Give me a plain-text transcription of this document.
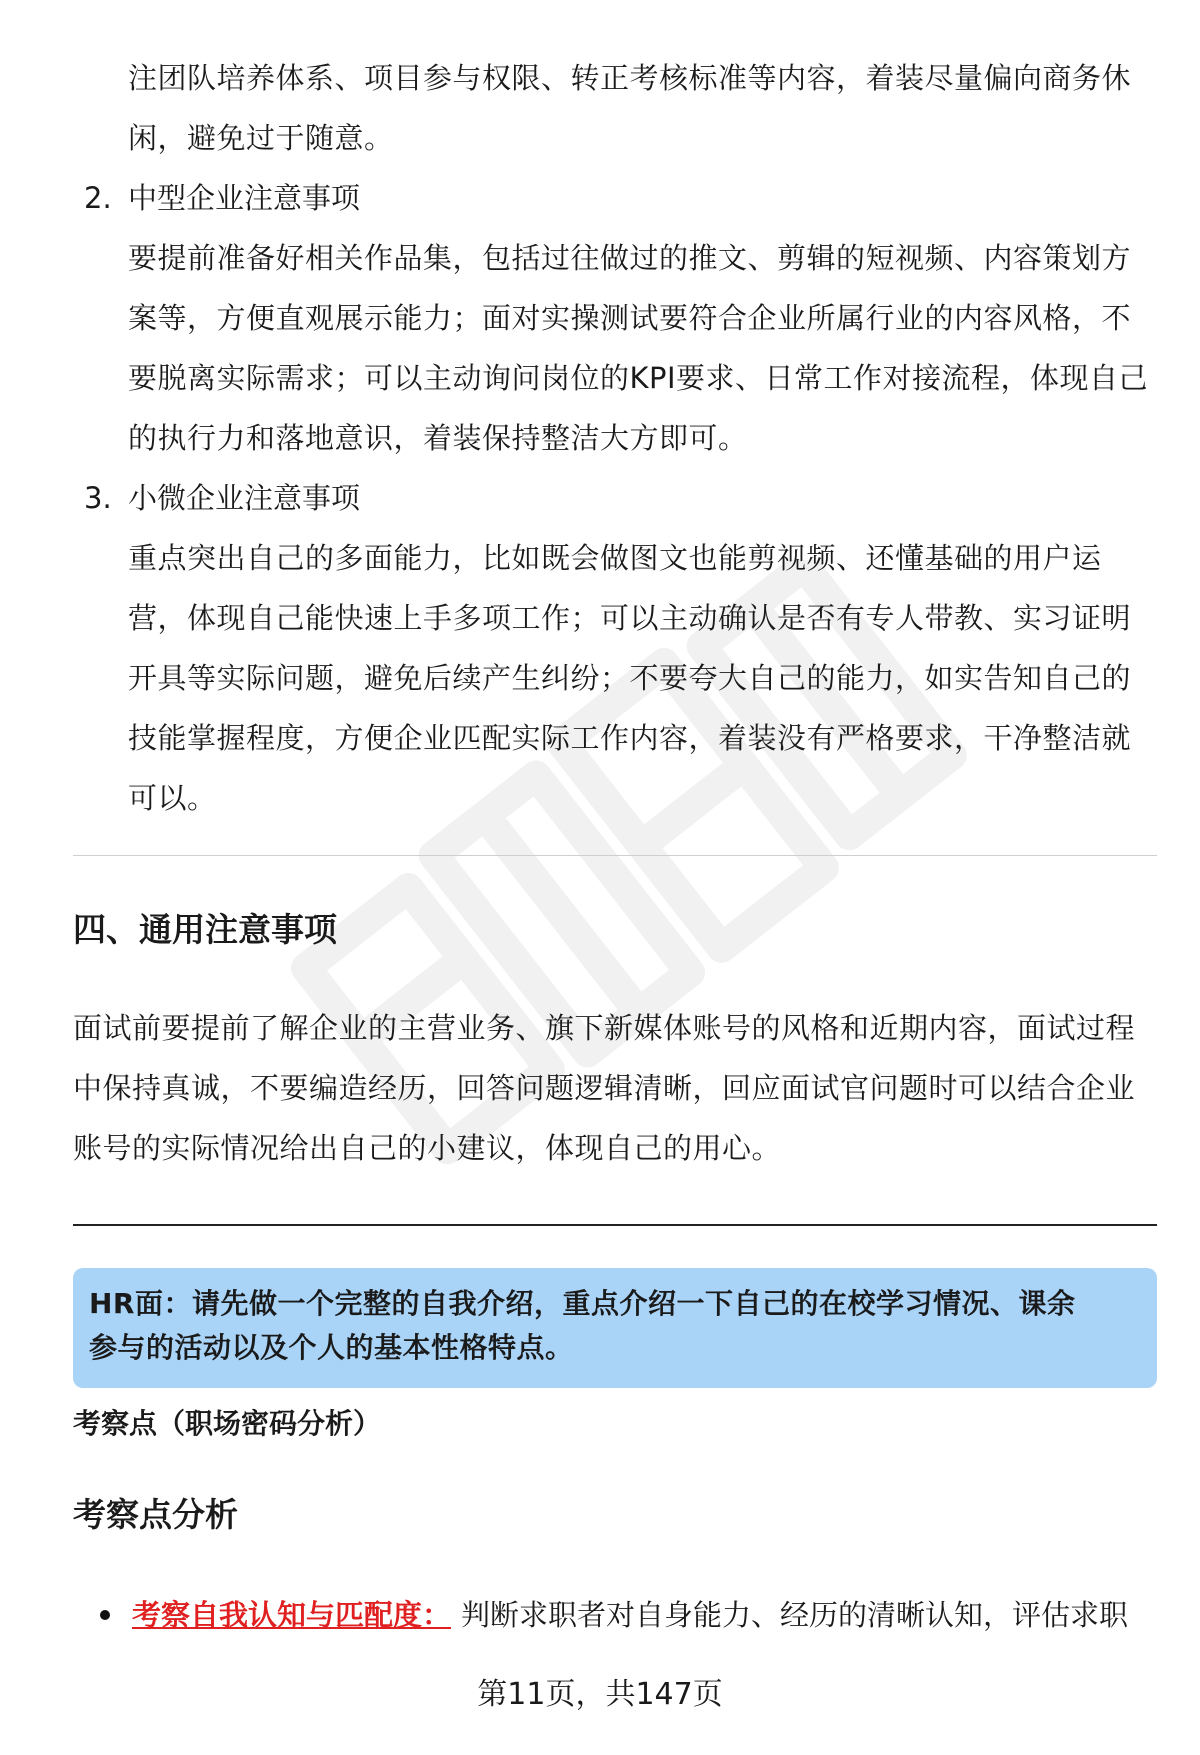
注团队培养体系、项目参与权限、转正考核标准等内容，着装尽量偏向商务休

闲，避免过于随意。

2. 中型企业注意事项

要提前准备好相关作品集，包括过往做过的推文、剪辑的短视频、内容策划方

案等，方便直观展示能力；面对实操测试要符合企业所属行业的内容风格，不

要脱离实际需求；可以主动询问岗位的KPI要求、日常工作对接流程，体现自己

的执行力和落地意识，着装保持整洁大方即可。

3. 小微企业注意事项

重点突出自己的多面能力，比如既会做图文也能剪视频、还懂基础的用户运

营，体现自己能快速上手多项工作；可以主动确认是否有专人带教、实习证明

开具等实际问题，避免后续产生纠纷；不要夸大自己的能力，如实告知自己的

技能掌握程度，方便企业匹配实际工作内容，着装没有严格要求，干净整洁就

可以。

四、通用注意事项

面试前要提前了解企业的主营业务、旗下新媒体账号的风格和近期内容，面试过程

中保持真诚，不要编造经历，回答问题逻辑清晰，回应面试官问题时可以结合企业

账号的实际情况给出自己的小建议，体现自己的用心。

HR面：请先做一个完整的自我介绍，重点介绍一下自己的在校学习情况、课余
参与的活动以及个人的基本性格特点。

考察点（职场密码分析）

考察点分析

考察自我认知与匹配度： 判断求职者对自身能力、经历的清晰认知，评估求职
第11页，共147页
